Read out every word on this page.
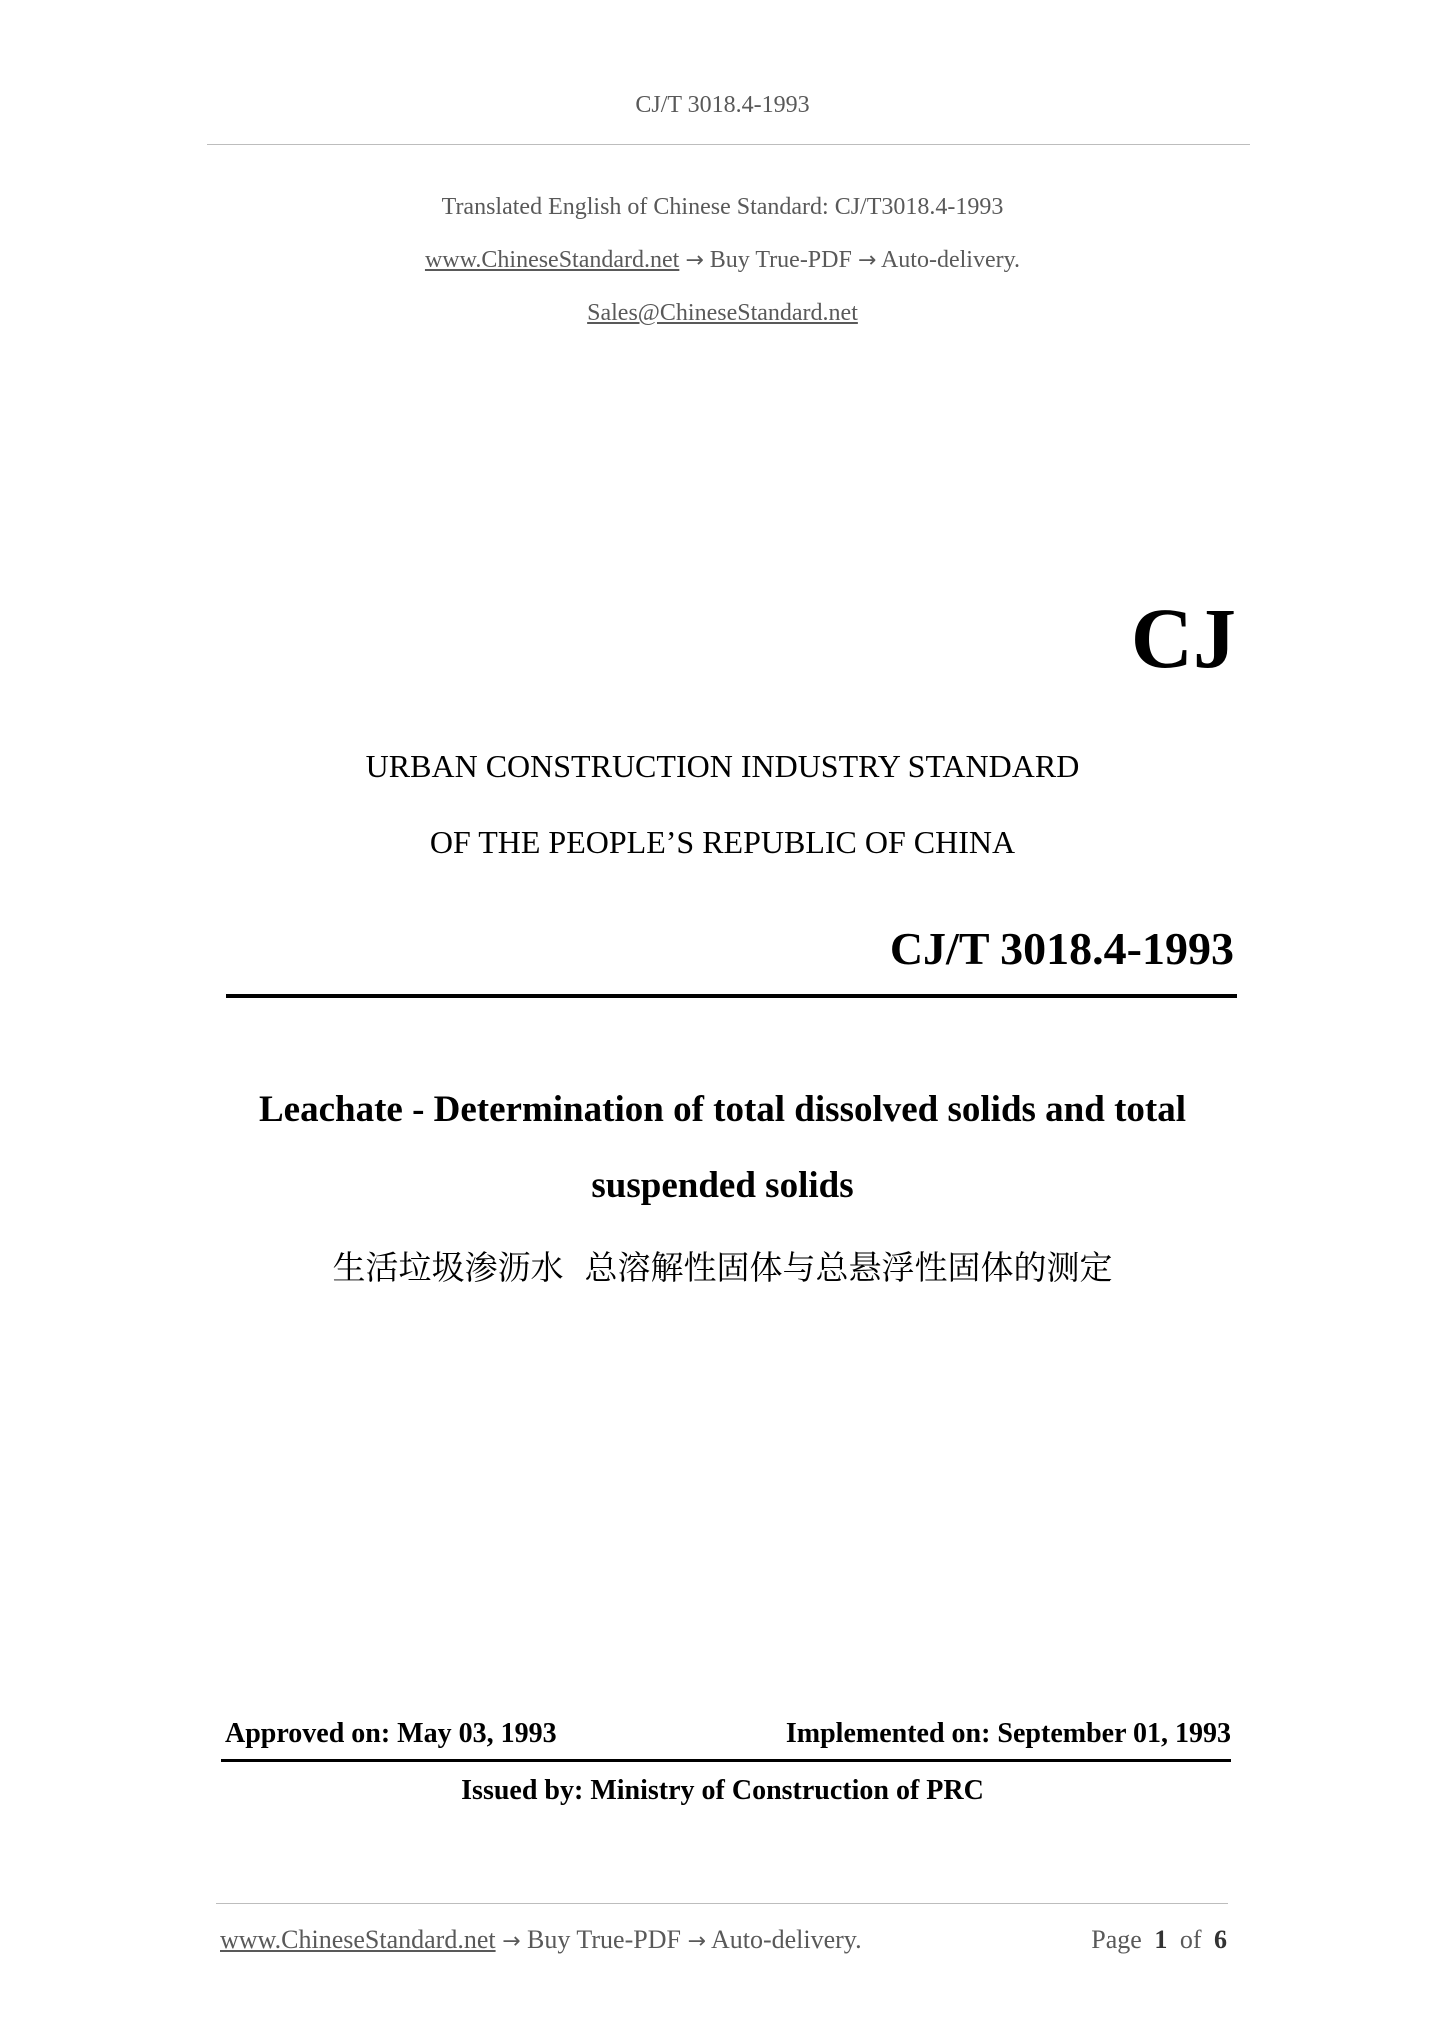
CJ/T 3018.4-1993
Translated English of Chinese Standard: CJ/T3018.4-1993
www.ChineseStandard.net → Buy True-PDF → Auto-delivery.
Sales@ChineseStandard.net
CJ
URBAN CONSTRUCTION INDUSTRY STANDARD
OF THE PEOPLE’S REPUBLIC OF CHINA
CJ/T 3018.4-1993
Leachate - Determination of total dissolved solids and total
suspended solids
生活垃圾渗沥水  总溶解性固体与总悬浮性固体的测定
Approved on: May 03, 1993	Implemented on: September 01, 1993
Issued by: Ministry of Construction of PRC
www.ChineseStandard.net → Buy True-PDF → Auto-delivery.	Page 1 of 6
